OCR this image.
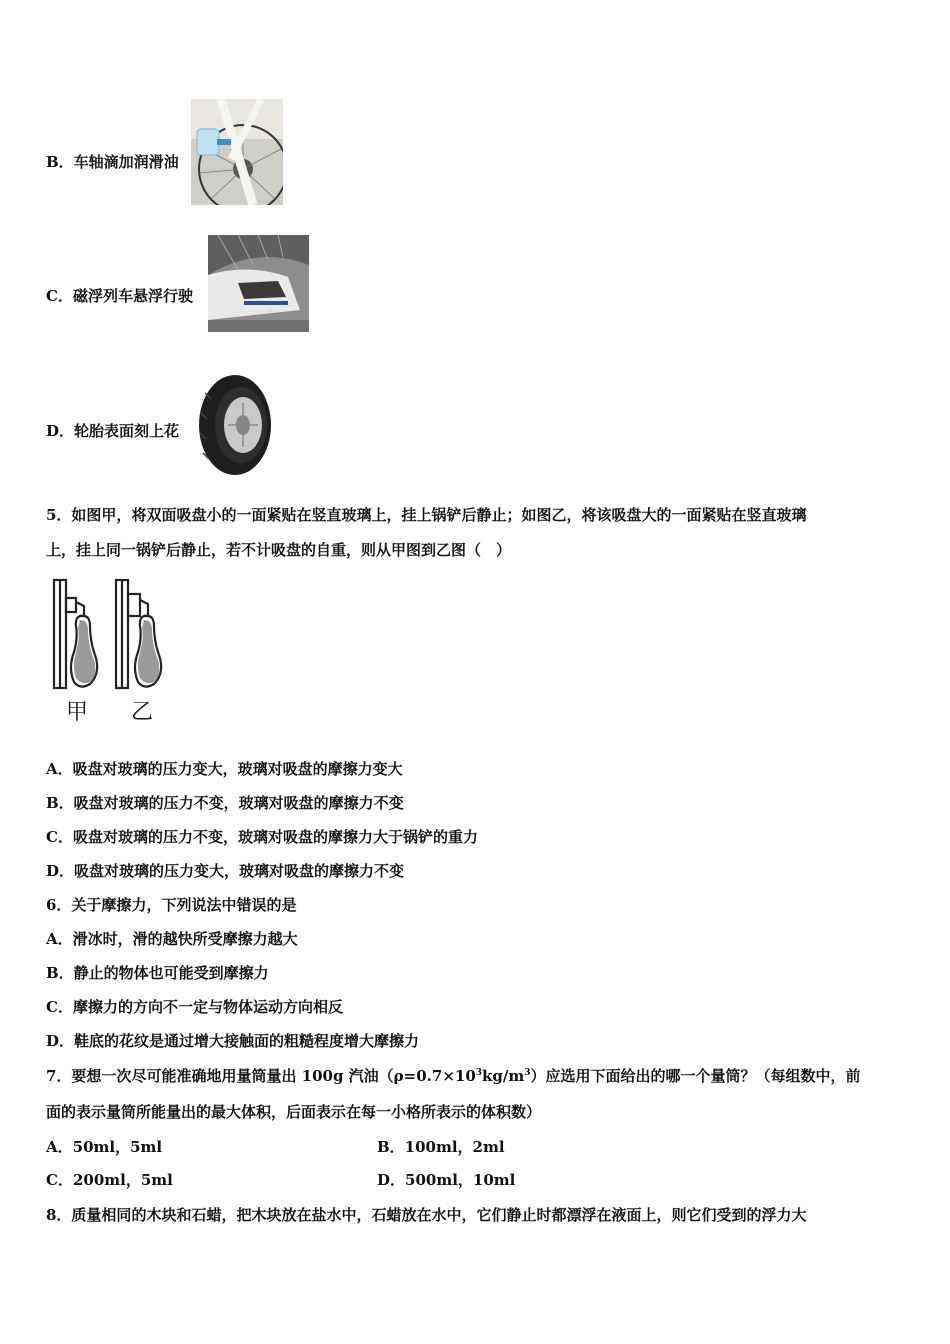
B．车轴滴加润滑油
C．磁浮列车悬浮行驶
D．轮胎表面刻上花
5．如图甲，将双面吸盘小的一面紧贴在竖直玻璃上，挂上锅铲后静止；如图乙，将该吸盘大的一面紧贴在竖直玻璃
上，挂上同一锅铲后静止，若不计吸盘的自重，则从甲图到乙图（　）
甲 乙
A．吸盘对玻璃的压力变大，玻璃对吸盘的摩擦力变大
B．吸盘对玻璃的压力不变，玻璃对吸盘的摩擦力不变
C．吸盘对玻璃的压力不变，玻璃对吸盘的摩擦力大于锅铲的重力
D．吸盘对玻璃的压力变大，玻璃对吸盘的摩擦力不变
6．关于摩擦力，下列说法中错误的是
A．滑冰时，滑的越快所受摩擦力越大
B．静止的物体也可能受到摩擦力
C．摩擦力的方向不一定与物体运动方向相反
D．鞋底的花纹是通过增大接触面的粗糙程度增大摩擦力
7．要想一次尽可能准确地用量筒量出 100g 汽油$(\rho=0.7\times 10^3kg/m^3)$应选用下面给出的哪一个量筒？（每组数中，前
面的表示量筒所能量出的最大体积，后面表示在每一小格所表示的体积数）
A．50ml，5ml	B．100ml，2ml
C．200ml，5ml	D．500ml，10ml
8．质量相同的木块和石蜡，把木块放在盐水中，石蜡放在水中，它们静止时都漂浮在液面上，则它们受到的浮力大
